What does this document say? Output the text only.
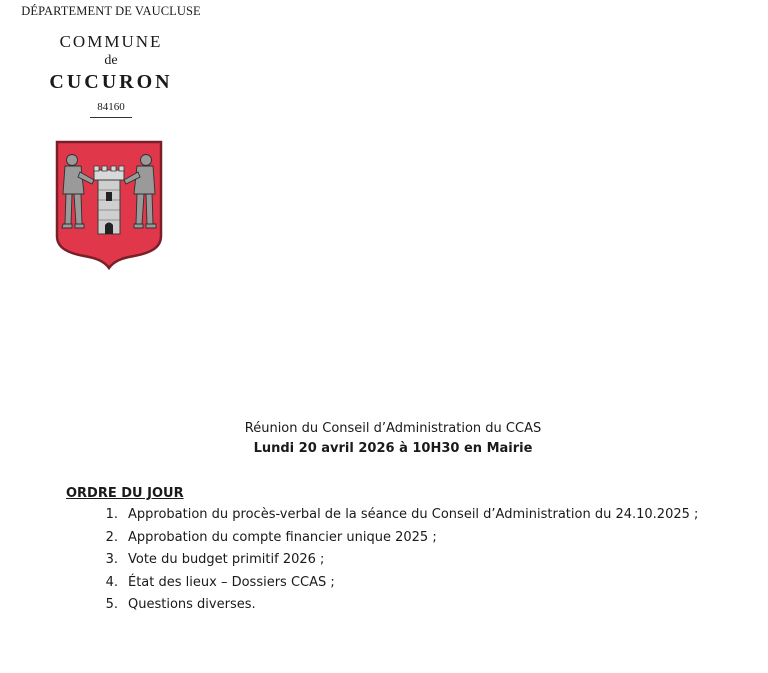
DÉPARTEMENT DE VAUCLUSE
COMMUNE
de
CUCURON
84160
Réunion du Conseil d’Administration du CCAS
Lundi 20 avril 2026 à 10H30 en Mairie
ORDRE DU JOUR
1. Approbation du procès-verbal de la séance du Conseil d’Administration du 24.10.2025 ;
2. Approbation du compte financier unique 2025 ;
3. Vote du budget primitif 2026 ;
4. État des lieux – Dossiers CCAS ;
5. Questions diverses.
